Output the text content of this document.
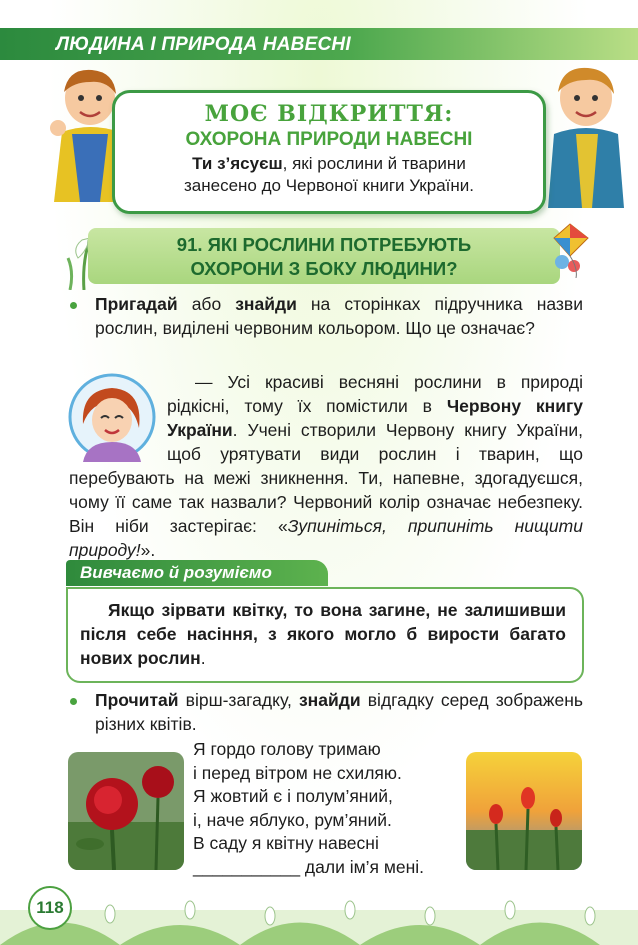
ЛЮДИНА І ПРИРОДА НАВЕСНІ
МОЄ ВІДКРИТТЯ:
ОХОРОНА ПРИРОДИ НАВЕСНІ
Ти з’ясуєш, які рослини й тварини
занесено до Червоної книги України.
91. ЯКІ РОСЛИНИ ПОТРЕБУЮТЬ
ОХОРОНИ З БОКУ ЛЮДИНИ?
Пригадай або знайди на сторінках підручника назви рослин, виділені червоним кольором. Що це означає?
— Усі красиві весняні рослини в природі рідкісні, тому їх помістили в Червону книгу України. Учені створили Червону книгу України, щоб урятувати види рослин і тварин, що перебувають на межі зникнення. Ти, напевне, здогадуєшся, чому її саме так назвали? Червоний колір означає небезпеку. Він ніби застерігає: «Зупиніться, припиніть нищити природу!».
Вивчаємо й розуміємо
Якщо зірвати квітку, то вона загине, не залишивши після себе насіння, з якого могло б вирости багато нових рослин.
Прочитай вірш-загадку, знайди відгадку серед зображень різних квітів.
Я гордо голову тримаю
і перед вітром не схиляю.
Я жовтий є і полум’яний,
і, наче яблуко, рум’яний.
В саду я квітну навесні
___________ дали ім’я мені.
118
